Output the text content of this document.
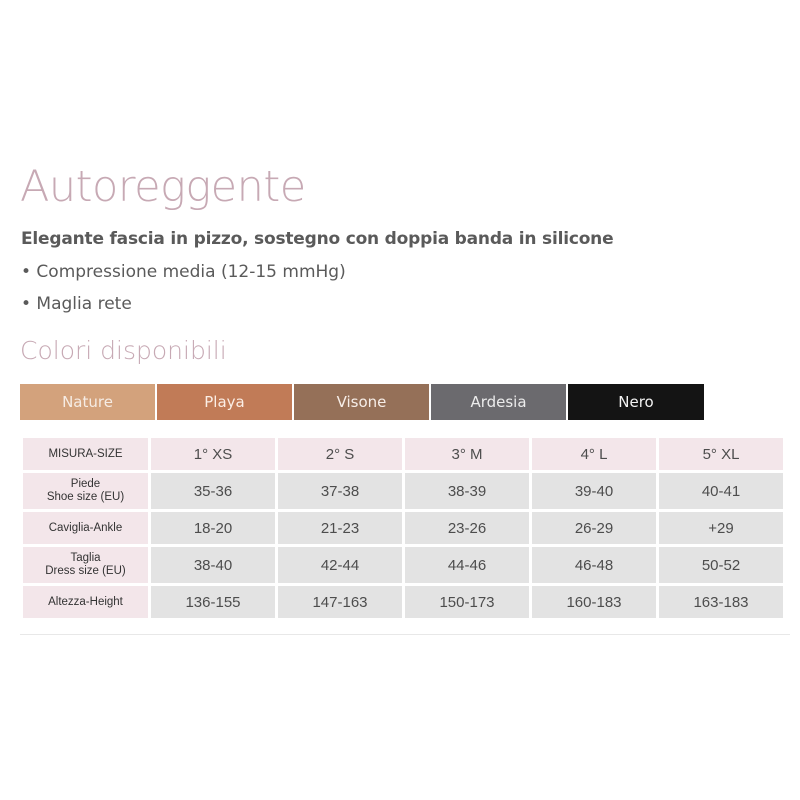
Autoreggente
Elegante fascia in pizzo, sostegno con doppia banda in silicone
• Compressione media (12-15 mmHg)
• Maglia rete
Colori disponibili
Nature	Playa	Visone	Ardesia	Nero
MISURA-SIZE	1° XS	2° S	3° M	4° L	5° XL
Piede
Shoe size (EU)	35-36	37-38	38-39	39-40	40-41
Caviglia-Ankle	18-20	21-23	23-26	26-29	+29
Taglia
Dress size (EU)	38-40	42-44	44-46	46-48	50-52
Altezza-Height	136-155	147-163	150-173	160-183	163-183
